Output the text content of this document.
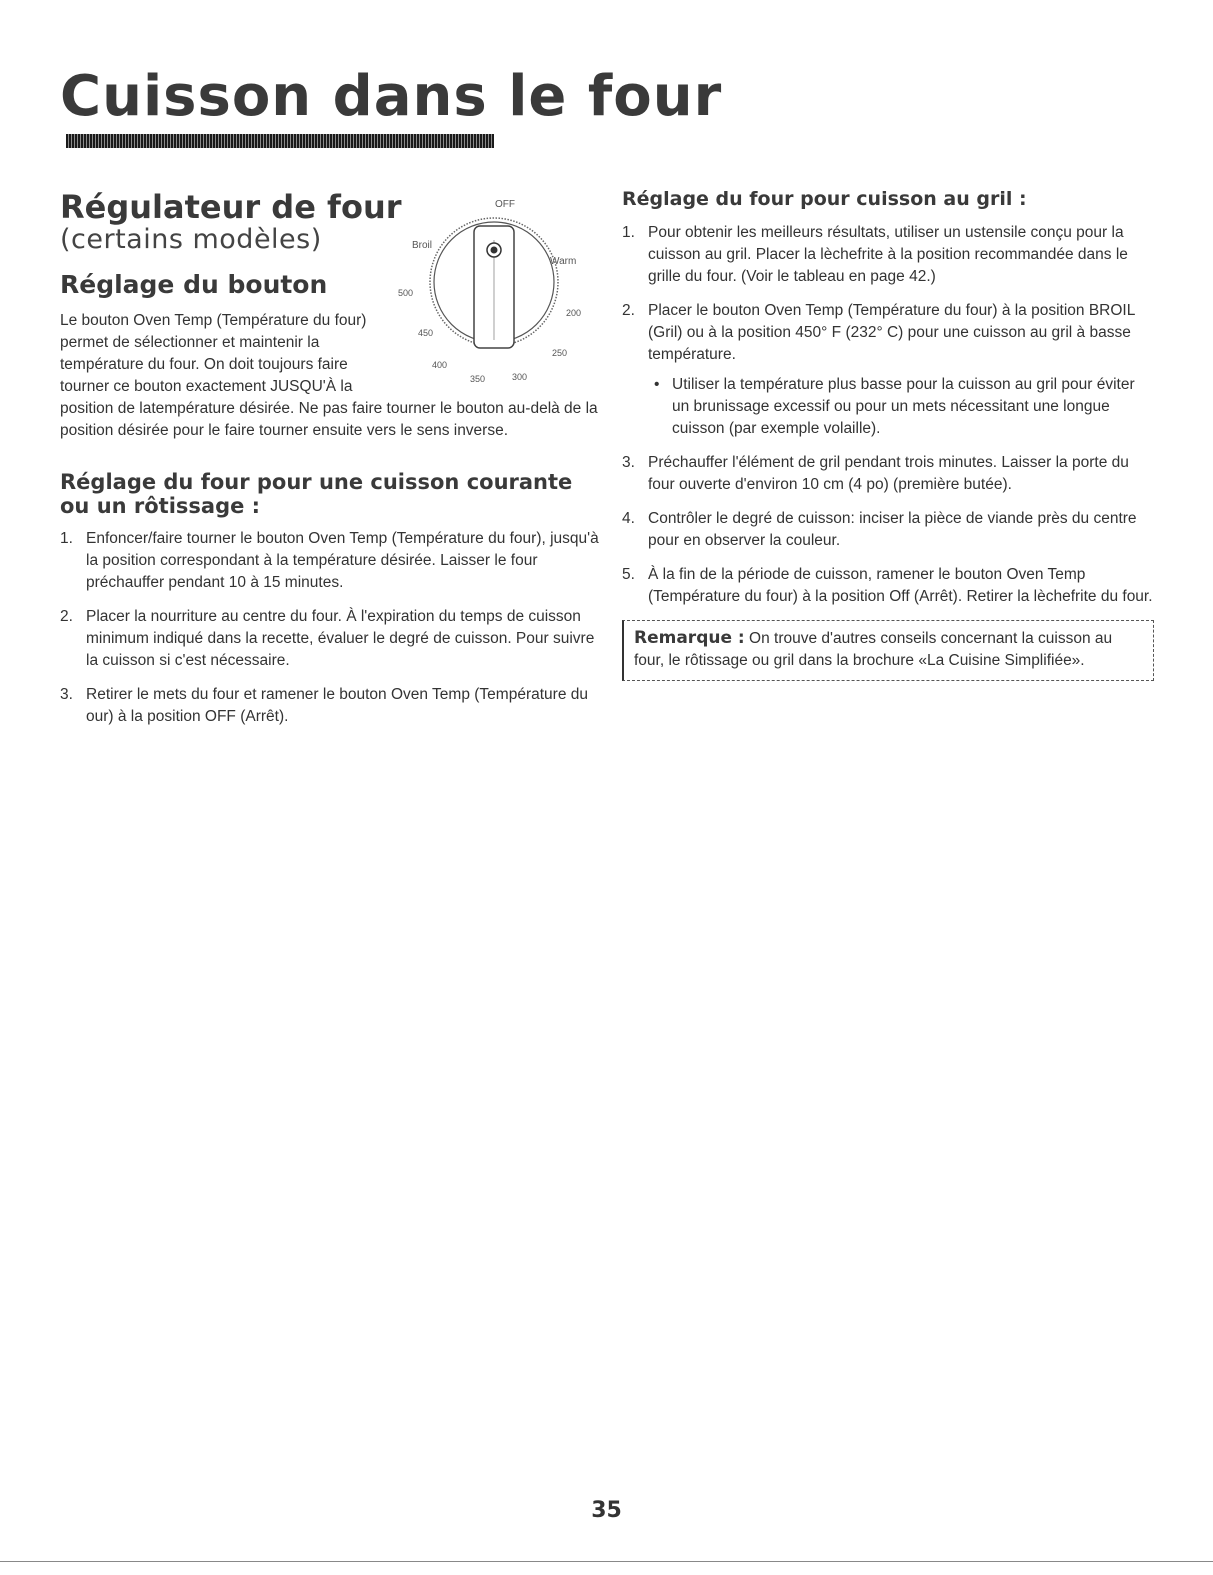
Cuisson dans le four
Régulateur de four
(certains modèles)
OFF
Broil
Warm
500
450
400
350	300
250
200
Réglage du bouton

Le bouton Oven Temp (Température du four) permet de sélectionner et maintenir la température du four. On doit toujours faire tourner ce bouton exactement JUSQU'À la

position de latempérature désirée. Ne pas faire tourner le bouton au-delà de la position désirée pour le faire tourner ensuite vers le sens inverse.

Réglage du four pour une cuisson courante ou un rôtissage :
1. Enfoncer/faire tourner le bouton Oven Temp (Température du four), jusqu'à la position correspondant à la température désirée. Laisser le four préchauffer pendant 10 à 15 minutes.
2. Placer la nourriture au centre du four. À l'expiration du temps de cuisson minimum indiqué dans la recette, évaluer le degré de cuisson. Pour suivre la cuisson si c'est nécessaire.
3. Retirer le mets du four et ramener le bouton Oven Temp (Température du our) à la position OFF (Arrêt).
Réglage du four pour cuisson au gril :
1. Pour obtenir les meilleurs résultats, utiliser un ustensile conçu pour la cuisson au gril. Placer la lèchefrite à la position recommandée dans le grille du four. (Voir le tableau en page 42.)
2. Placer le bouton Oven Temp (Température du four) à la position BROIL (Gril) ou à la position 450° F (232° C) pour une cuisson au gril à basse température.
• Utiliser la température plus basse pour la cuisson au gril pour éviter un brunissage excessif ou pour un mets nécessitant une longue cuisson (par exemple volaille).
3. Préchauffer l'élément de gril pendant trois minutes. Laisser la porte du four ouverte d'environ 10 cm (4 po) (première butée).
4. Contrôler le degré de cuisson: inciser la pièce de viande près du centre pour en observer la couleur.
5. À la fin de la période de cuisson, ramener le bouton Oven Temp (Température du four) à la position Off (Arrêt). Retirer la lèchefrite du four.
Remarque : On trouve d'autres conseils concernant la cuisson au four, le rôtissage ou gril dans la brochure «La Cuisine Simplifiée».
35
